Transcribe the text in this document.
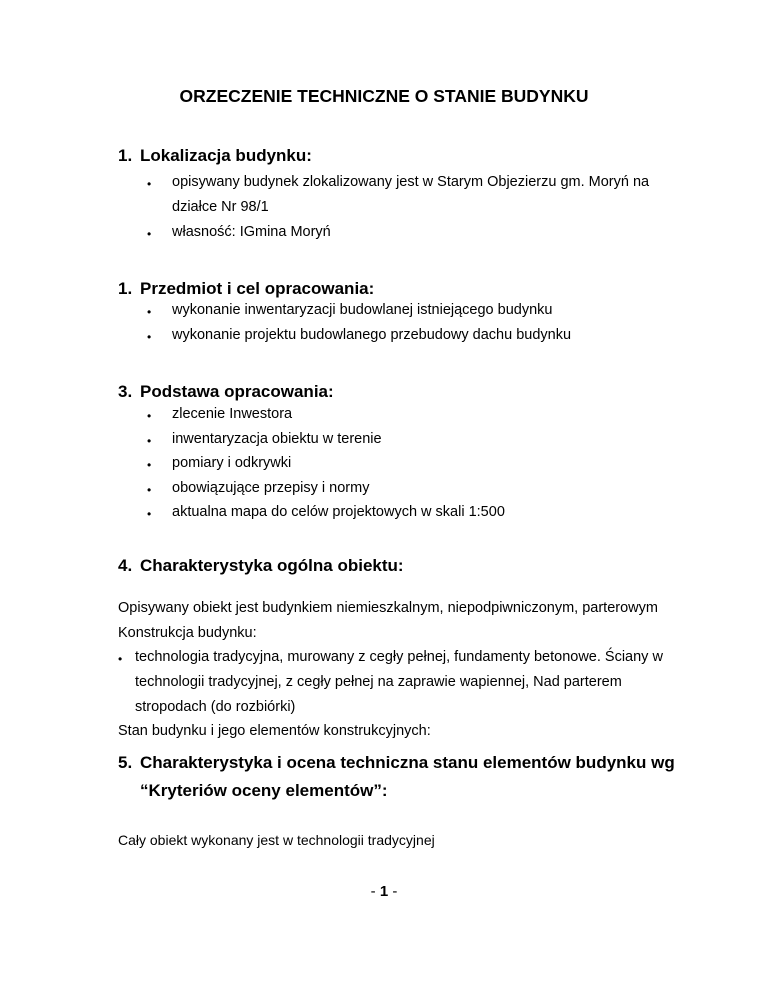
ORZECZENIE TECHNICZNE O STANIE BUDYNKU
1. Lokalizacja budynku:
• opisywany budynek zlokalizowany jest w Starym Objezierzu gm. Moryń na
działce Nr 98/1
• własność: IGmina Moryń
1. Przedmiot i cel opracowania:
• wykonanie inwentaryzacji budowlanej istniejącego budynku
• wykonanie projektu budowlanego przebudowy dachu budynku
3. Podstawa opracowania:
• zlecenie Inwestora
• inwentaryzacja obiektu w terenie
• pomiary i odkrywki
• obowiązujące przepisy i normy
• aktualna mapa do celów projektowych w skali 1:500
4. Charakterystyka ogólna obiektu:
Opisywany obiekt jest budynkiem niemieszkalnym, niepodpiwniczonym, parterowym
Konstrukcja budynku:
• technologia tradycyjna, murowany z cegły pełnej, fundamenty betonowe. Ściany w
technologii tradycyjnej, z cegły pełnej na zaprawie wapiennej, Nad parterem
stropodach (do rozbiórki)
Stan budynku i jego elementów konstrukcyjnych:
5. Charakterystyka i ocena techniczna stanu elementów budynku wg
“Kryteriów oceny elementów”:
Cały obiekt wykonany jest w technologii tradycyjnej
- 1 -
